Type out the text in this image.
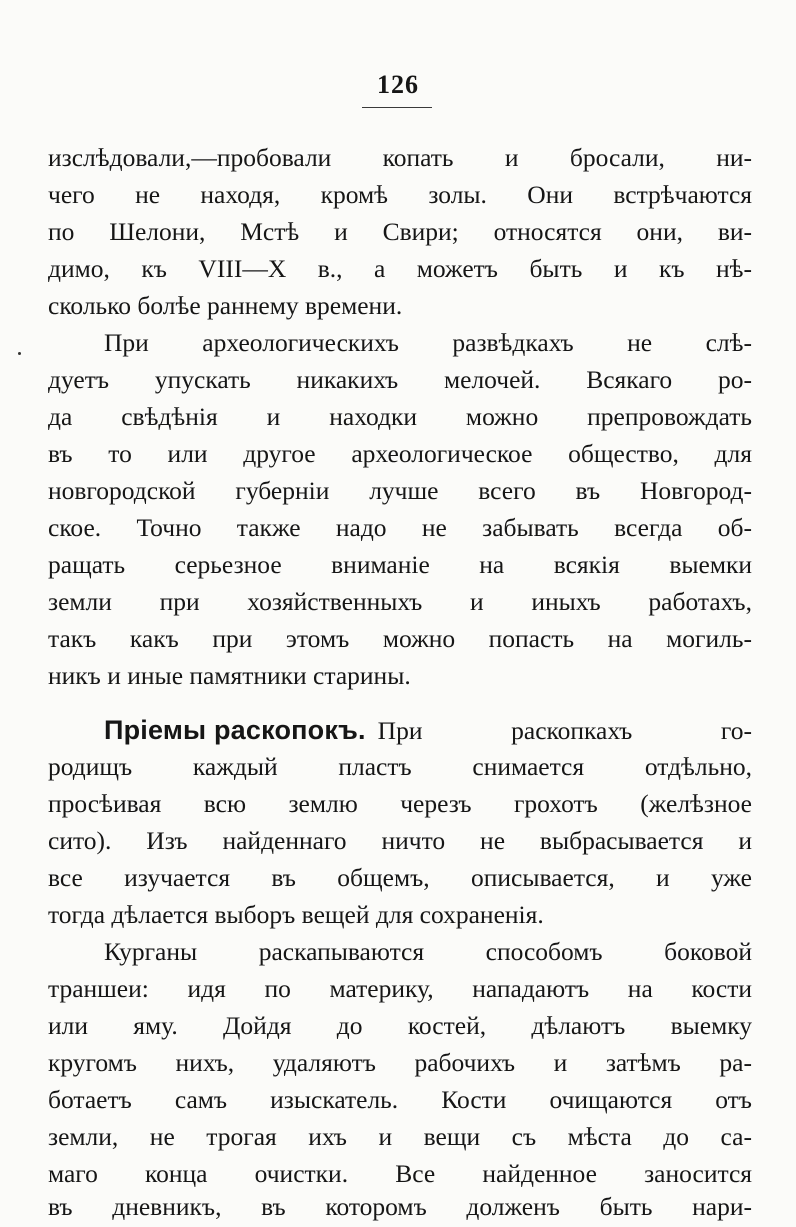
126
изслѣдовали,—пробовали копать и бросали, ни-
чего не находя, кромѣ золы. Они встрѣчаются
по Шелони, Мстѣ и Свири; относятся они, ви-
димо, къ VIII—X в., а можетъ быть и къ нѣ-
сколько болѣе раннему времени.
При археологическихъ развѣдкахъ не слѣ-
дуетъ упускать никакихъ мелочей. Всякаго ро-
да свѣдѣнія и находки можно препровождать
въ то или другое археологическое общество, для
новгородской губерніи лучше всего въ Новгород-
ское. Точно также надо не забывать всегда об-
ращать серьезное вниманіе на всякія выемки
земли при хозяйственныхъ и иныхъ работахъ,
такъ какъ при этомъ можно попасть на могиль-
никъ и иные памятники старины.
Пріемы раскопокъ. При раскопкахъ го-
родищъ каждый пластъ снимается отдѣльно,
просѣивая всю землю черезъ грохотъ (желѣзное
сито). Изъ найденнаго ничто не выбрасывается и
все изучается въ общемъ, описывается, и уже
тогда дѣлается выборъ вещей для сохраненія.
Курганы раскапываются способомъ боковой
траншеи: идя по материку, нападаютъ на кости
или яму. Дойдя до костей, дѣлаютъ выемку
кругомъ нихъ, удаляютъ рабочихъ и затѣмъ ра-
ботаетъ самъ изыскатель. Кости очищаются отъ
земли, не трогая ихъ и вещи съ мѣста до са-
маго конца очистки. Все найденное заносится
въ дневникъ, въ которомъ долженъ быть нари-
